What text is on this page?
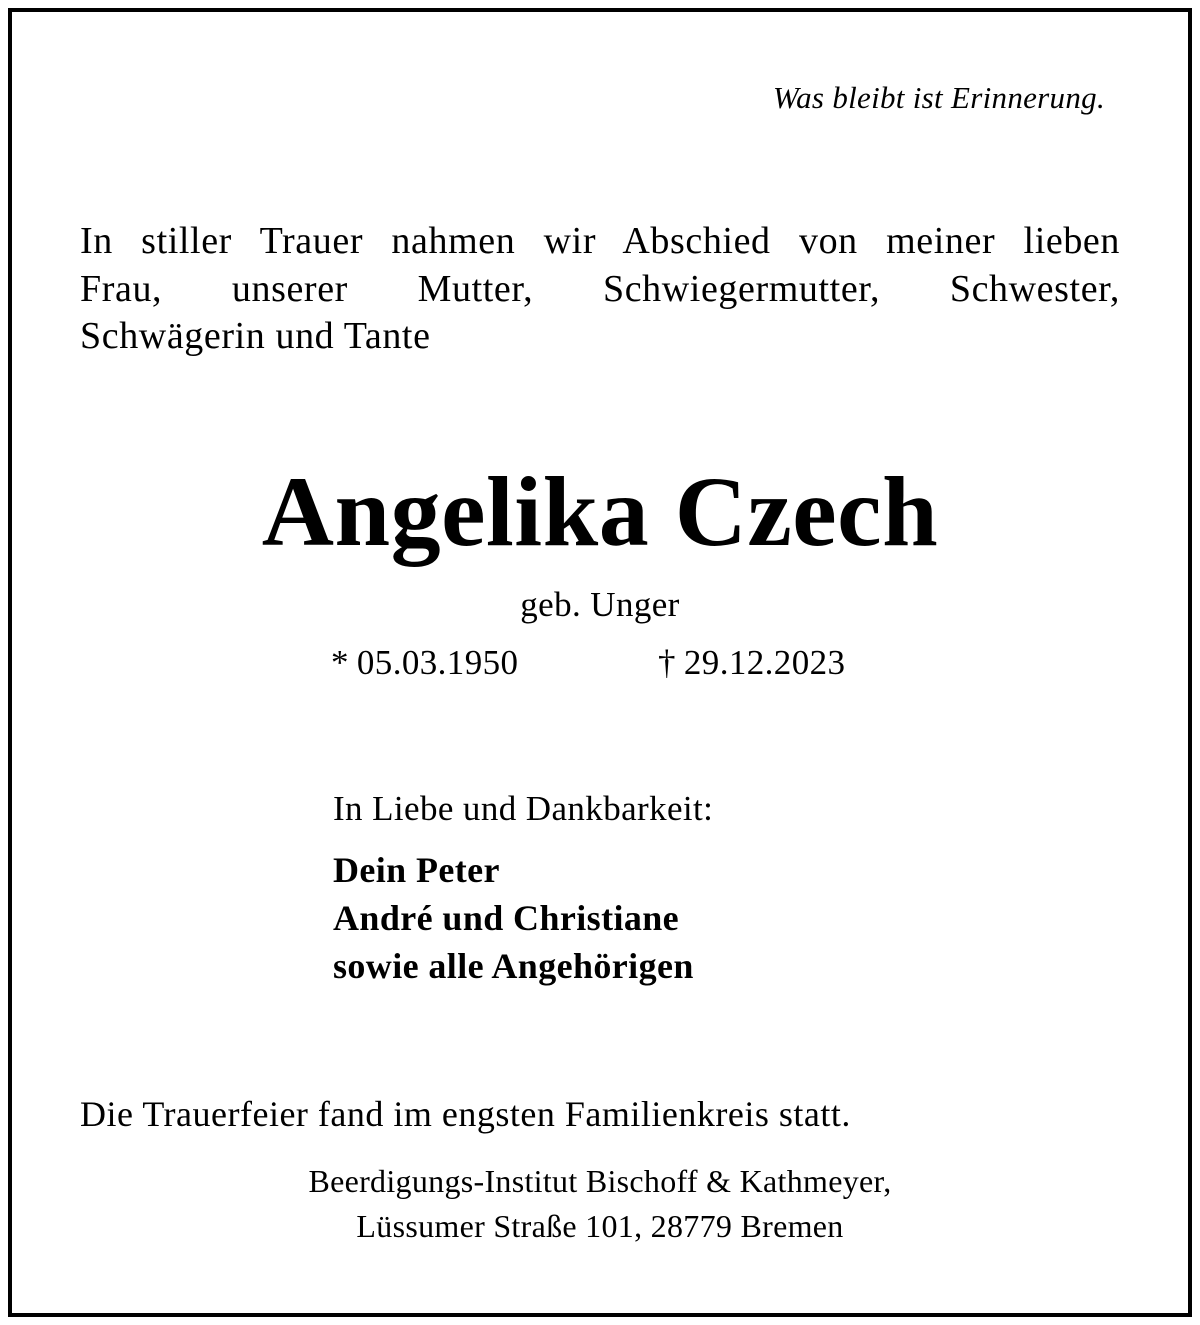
Was bleibt ist Erinnerung.
In stiller Trauer nahmen wir Abschied von meiner lieben
Frau, unserer Mutter, Schwiegermutter, Schwester,
Schwägerin und Tante
Angelika Czech
geb. Unger
* 05.03.1950	† 29.12.2023
In Liebe und Dankbarkeit:
Dein Peter
André und Christiane
sowie alle Angehörigen
Die Trauerfeier fand im engsten Familienkreis statt.
Beerdigungs-Institut Bischoff & Kathmeyer,
Lüssumer Straße 101, 28779 Bremen
